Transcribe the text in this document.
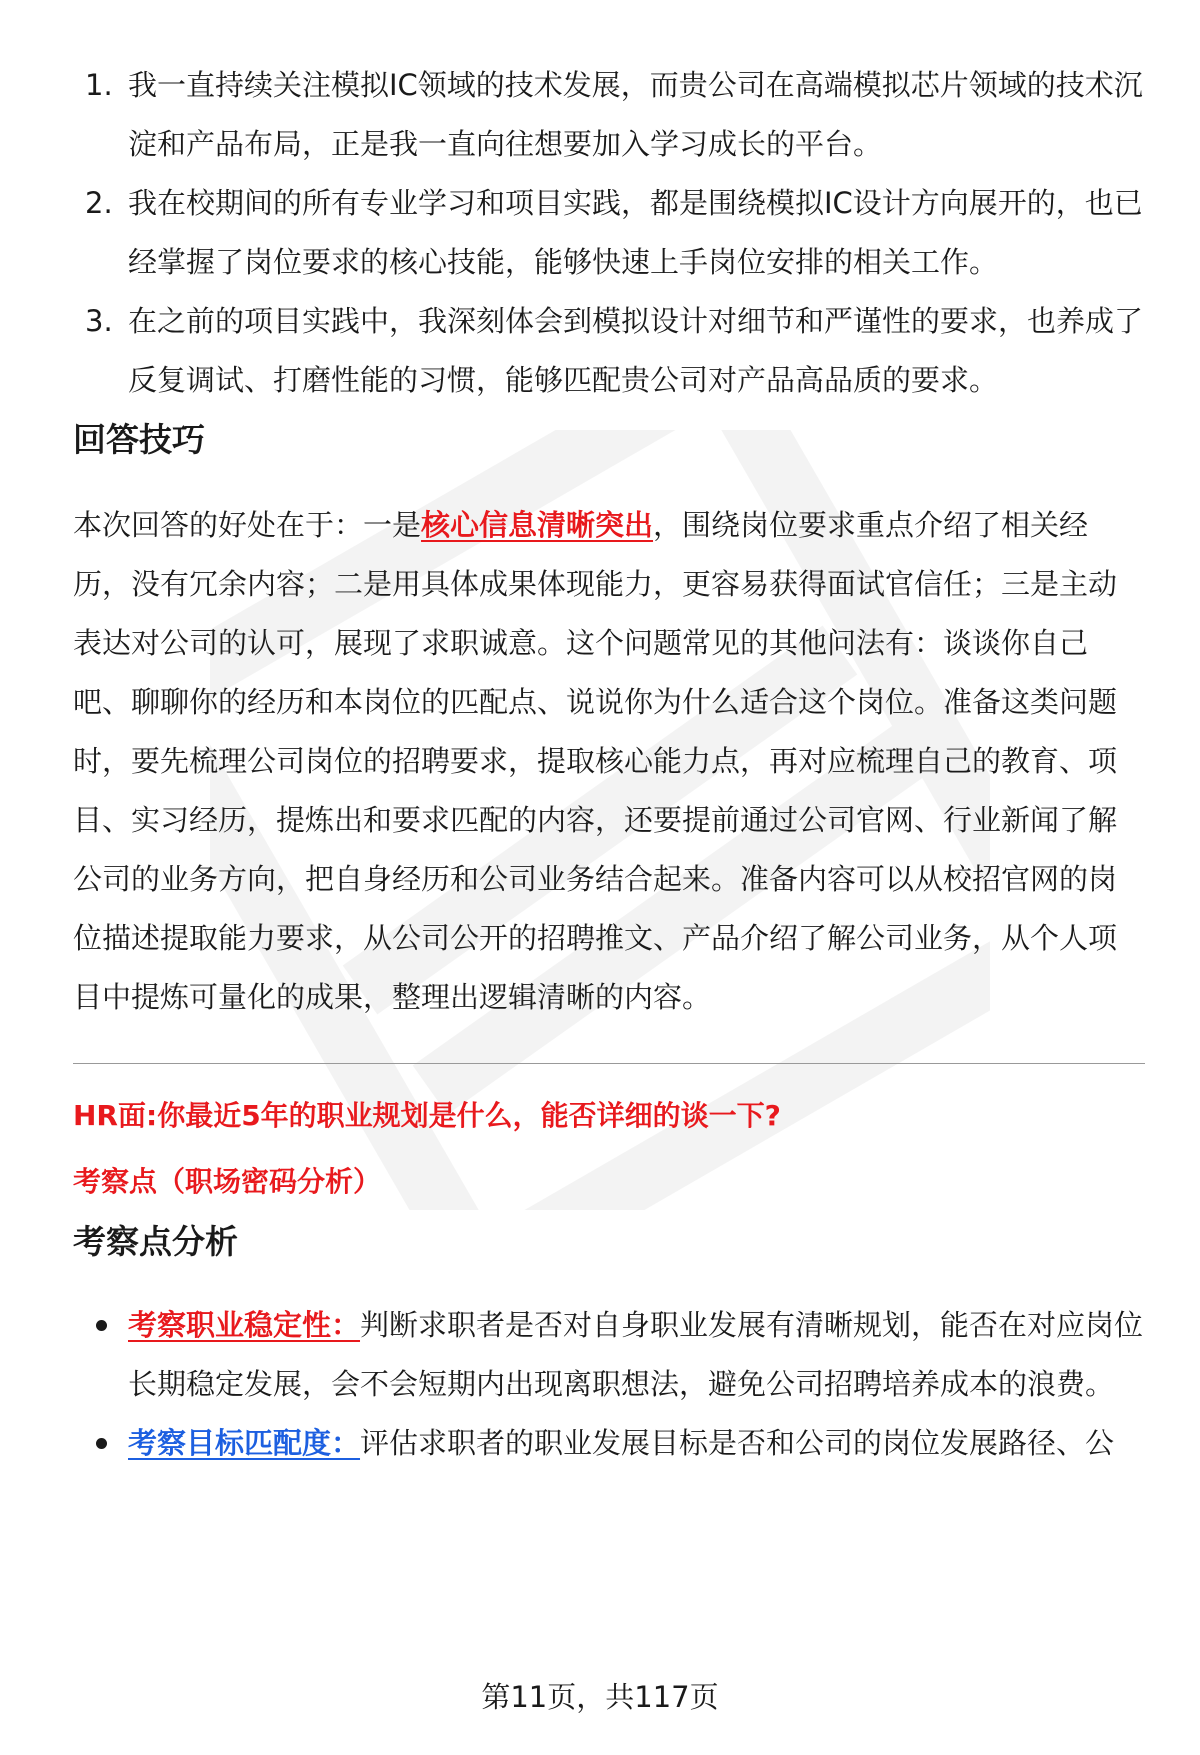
1. 我一直持续关注模拟IC领域的技术发展，而贵公司在高端模拟芯片领域的技术沉淀和产品布局，正是我一直向往想要加入学习成长的平台。
2. 我在校期间的所有专业学习和项目实践，都是围绕模拟IC设计方向展开的，也已经掌握了岗位要求的核心技能，能够快速上手岗位安排的相关工作。
3. 在之前的项目实践中，我深刻体会到模拟设计对细节和严谨性的要求，也养成了反复调试、打磨性能的习惯，能够匹配贵公司对产品高品质的要求。
回答技巧

本次回答的好处在于：一是核心信息清晰突出，围绕岗位要求重点介绍了相关经历，没有冗余内容；二是用具体成果体现能力，更容易获得面试官信任；三是主动表达对公司的认可，展现了求职诚意。这个问题常见的其他问法有：谈谈你自己吧、聊聊你的经历和本岗位的匹配点、说说你为什么适合这个岗位。准备这类问题时，要先梳理公司岗位的招聘要求，提取核心能力点，再对应梳理自己的教育、项目、实习经历，提炼出和要求匹配的内容，还要提前通过公司官网、行业新闻了解公司的业务方向，把自身经历和公司业务结合起来。准备内容可以从校招官网的岗位描述提取能力要求，从公司公开的招聘推文、产品介绍了解公司业务，从个人项目中提炼可量化的成果，整理出逻辑清晰的内容。

HR面:你最近5年的职业规划是什么，能否详细的谈一下?
考察点（职场密码分析）
考察点分析
考察职业稳定性：判断求职者是否对自身职业发展有清晰规划，能否在对应岗位长期稳定发展，会不会短期内出现离职想法，避免公司招聘培养成本的浪费。
考察目标匹配度：评估求职者的职业发展目标是否和公司的岗位发展路径、公
第11页，共117页
